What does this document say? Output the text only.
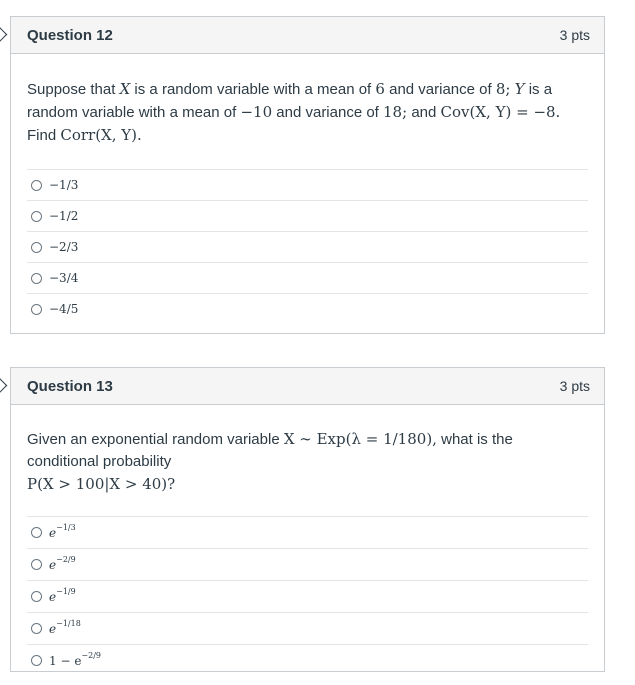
Question 12	3 pts
Suppose that X is a random variable with a mean of 6 and variance of 8; Y is a random variable with a mean of −10 and variance of 18; and Cov(X, Y) = −8.
Find Corr(X, Y).
−1/3
−1/2
−2/3
−3/4
−4/5
Question 13	3 pts
Given an exponential random variable X ∼ Exp(λ = 1/180), what is the conditional probability
P(X > 100|X > 40)?
$e^{-1/3}$
$e^{-2/9}$
$e^{-1/9}$
$e^{-1/18}$
$1 - e^{-2/9}$
